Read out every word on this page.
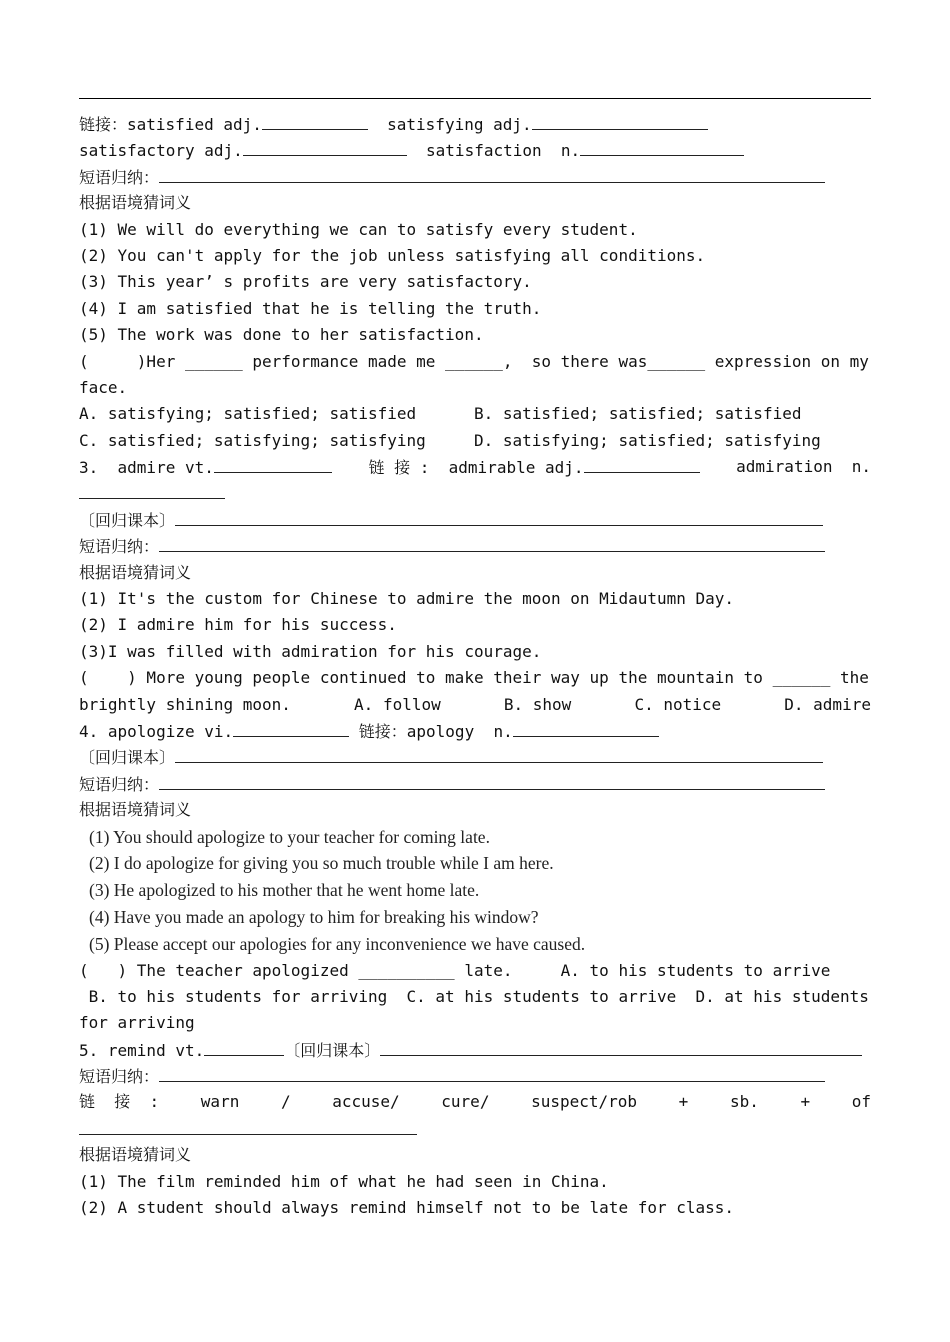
链接：satisfied adj.	satisfying adj.
satisfactory adj.	satisfaction  n.
短语归纳：
根据语境猜词义
(1) We will do everything we can to satisfy every student.
(2) You can't apply for the job unless satisfying all conditions.
(3) This year’ s profits are very satisfactory.
(4) I am satisfied that he is telling the truth.
(5) The work was done to her satisfaction.
(     )Her ______ performance made me ______,  so there was______ expression on my
face.
A. satisfying; satisfied; satisfied	B. satisfied; satisfied; satisfied
C. satisfied; satisfying; satisfying	D. satisfying; satisfied; satisfying
3.  admire vt.	链 接 :  admirable adj.	admiration  n.
〔回归课本〕
短语归纳：
根据语境猜词义
(1) It's the custom for Chinese to admire the moon on Midautumn Day.
(2) I admire him for his success.
(3)I was filled with admiration for his courage.
(    ) More young people continued to make their way up the mountain to ______ the
brightly shining moon.	A. follow	B. show	C. notice	D. admire
4. apologize vi.	链接：apology  n.
〔回归课本〕
短语归纳：
根据语境猜词义
(1) You should apologize to your teacher for coming late.
(2) I do apologize for giving you so much trouble while I am here.
(3) He apologized to his mother that he went home late.
(4) Have you made an apology to him for breaking his window?
(5) Please accept our apologies for any inconvenience we have caused.
(   ) The teacher apologized __________ late.     A. to his students to arrive
B. to his students for arriving  C. at his students to arrive  D. at his students
for arriving
5. remind vt.	〔回归课本〕
短语归纳：
链  接  :	warn	/	accuse/	cure/	suspect/rob	+	sb.	+	of
根据语境猜词义
(1) The film reminded him of what he had seen in China.
(2) A student should always remind himself not to be late for class.
